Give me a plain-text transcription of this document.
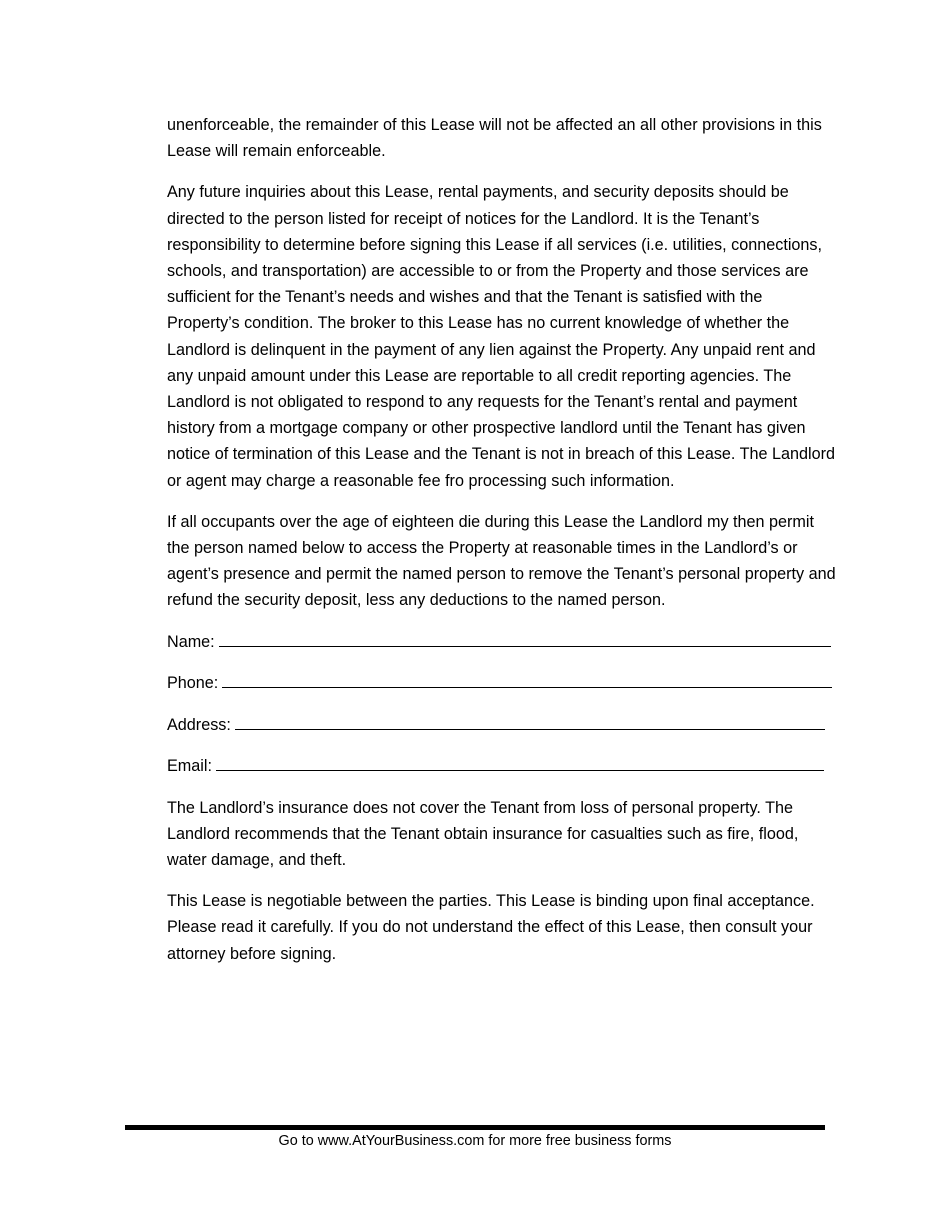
unenforceable, the remainder of this Lease will not be affected an all other provisions in this Lease will remain enforceable.

Any future inquiries about this Lease, rental payments, and security deposits should be directed to the person listed for receipt of notices for the Landlord. It is the Tenant’s responsibility to determine before signing this Lease if all services (i.e. utilities, connections, schools, and transportation) are accessible to or from the Property and those services are sufficient for the Tenant’s needs and wishes and that the Tenant is satisfied with the Property’s condition. The broker to this Lease has no current knowledge of whether the Landlord is delinquent in the payment of any lien against the Property. Any unpaid rent and any unpaid amount under this Lease are reportable to all credit reporting agencies. The Landlord is not obligated to respond to any requests for the Tenant’s rental and payment history from a mortgage company or other prospective landlord until the Tenant has given notice of termination of this Lease and the Tenant is not in breach of this Lease. The Landlord or agent may charge a reasonable fee fro processing such information.

If all occupants over the age of eighteen die during this Lease the Landlord my then permit the person named below to access the Property at reasonable times in the Landlord’s or agent’s presence and permit the named person to remove the Tenant’s personal property and refund the security deposit, less any deductions to the named person.

Name:
Phone:
Address:
Email:

The Landlord’s insurance does not cover the Tenant from loss of personal property. The Landlord recommends that the Tenant obtain insurance for casualties such as fire, flood, water damage, and theft.

This Lease is negotiable between the parties. This Lease is binding upon final acceptance. Please read it carefully. If you do not understand the effect of this Lease, then consult your attorney before signing.

Go to www.AtYourBusiness.com for more free business forms
